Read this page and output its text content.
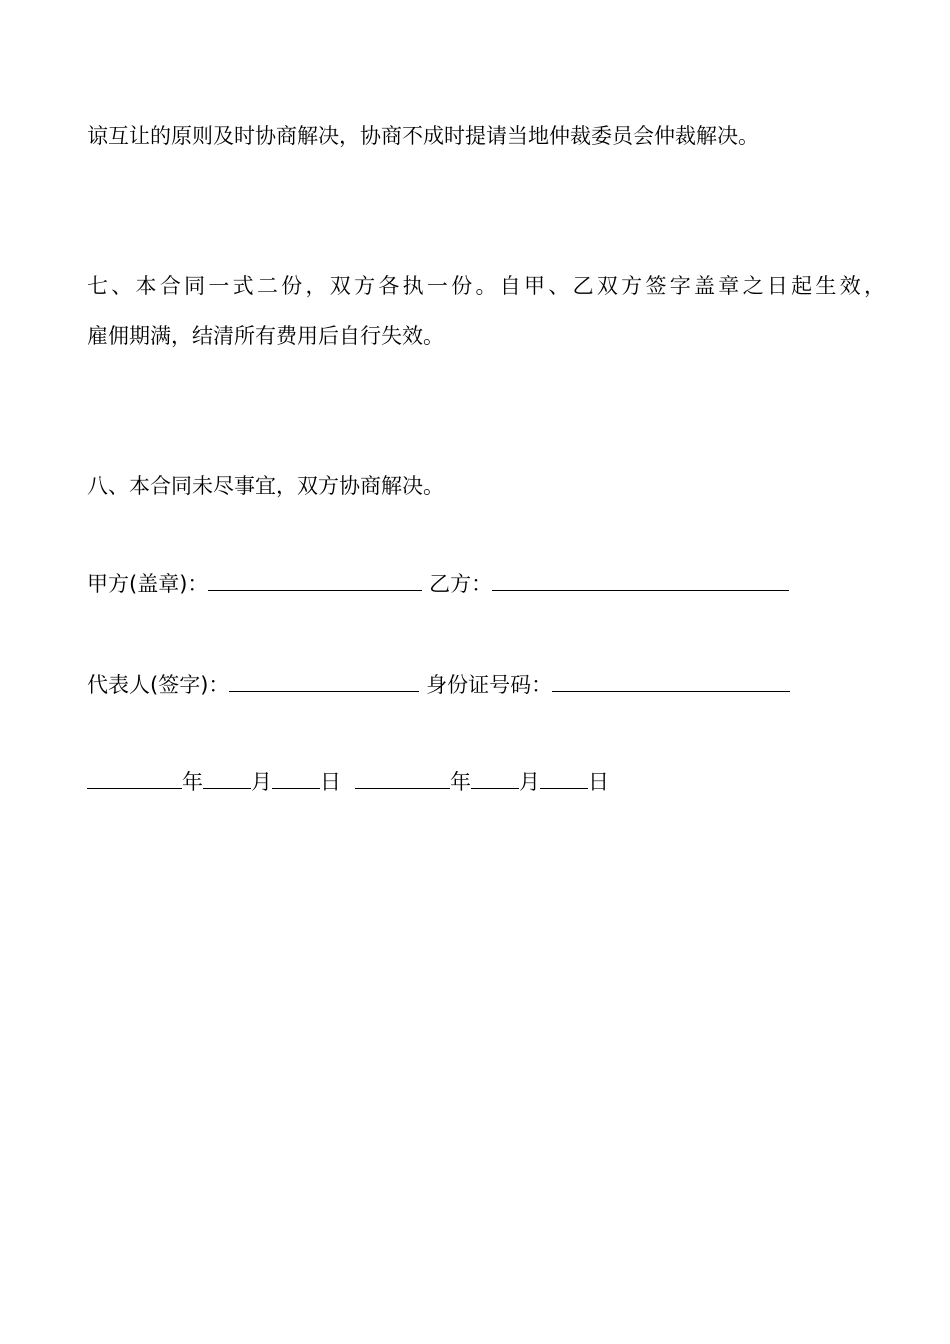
谅互让的原则及时协商解决，协商不成时提请当地仲裁委员会仲裁解决。
七、本合同一式二份，双方各执一份。自甲、乙双方签字盖章之日起生效，
雇佣期满，结清所有费用后自行失效。
八、本合同未尽事宜，双方协商解决。
甲方(盖章)：	乙方：
代表人(签字)：	身份证号码：
年 月 日	年 月 日
